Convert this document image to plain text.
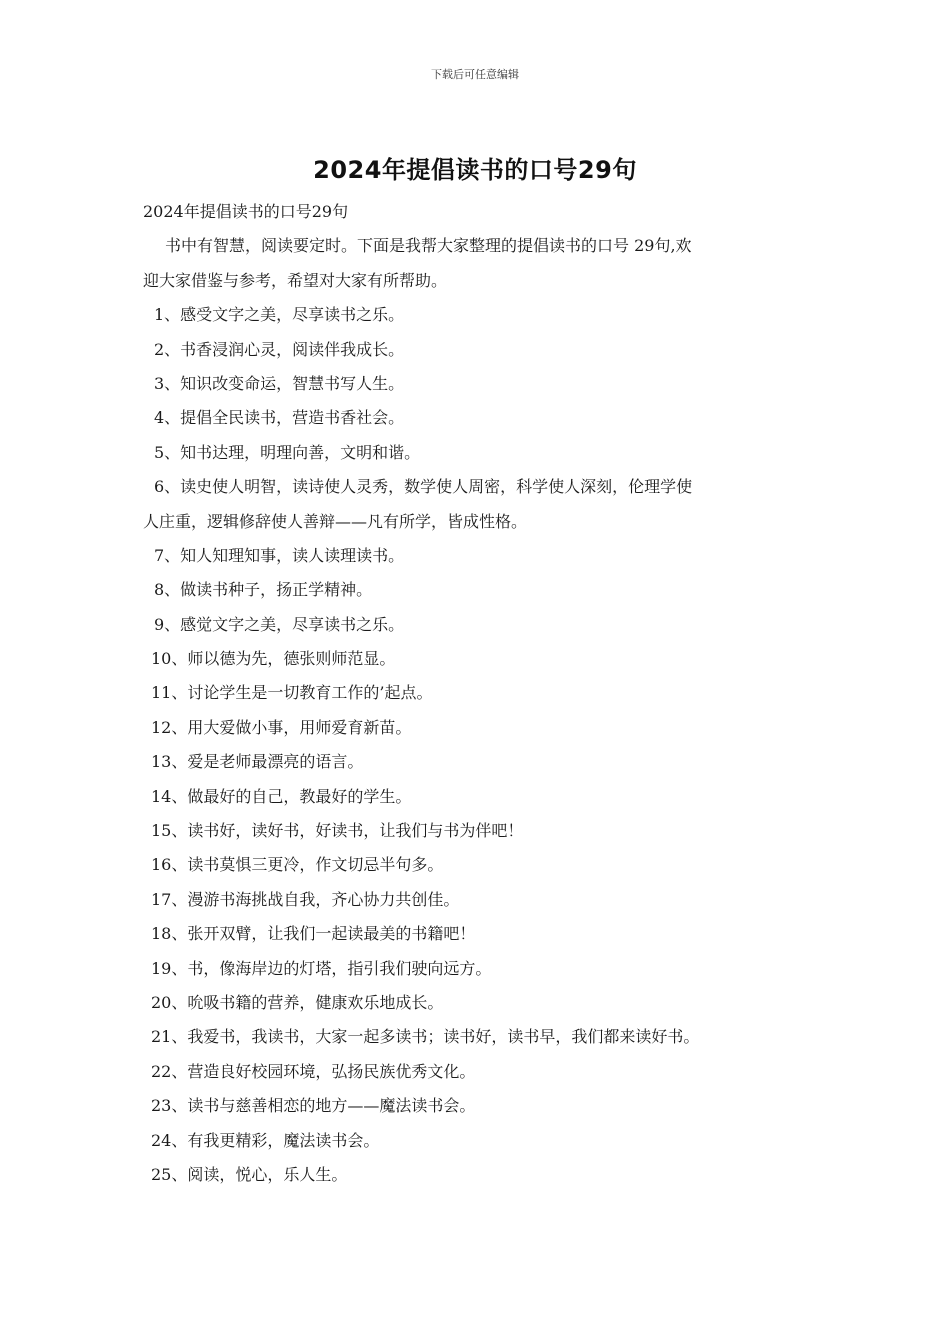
下载后可任意编辑
2024年提倡读书的口号29句
2024年提倡读书的口号29句
书中有智慧，阅读要定时。下面是我帮大家整理的提倡读书的口号 29句,欢
迎大家借鉴与参考，希望对大家有所帮助。
1、感受文字之美，尽享读书之乐。
2、书香浸润心灵，阅读伴我成长。
3、知识改变命运，智慧书写人生。
4、提倡全民读书，营造书香社会。
5、知书达理，明理向善，文明和谐。
6、读史使人明智，读诗使人灵秀，数学使人周密，科学使人深刻，伦理学使
人庄重，逻辑修辞使人善辩——凡有所学，皆成性格。
7、知人知理知事，读人读理读书。
8、做读书种子，扬正学精神。
9、感觉文字之美，尽享读书之乐。
10、师以德为先，德张则师范显。
11、讨论学生是一切教育工作的’起点。
12、用大爱做小事，用师爱育新苗。
13、爱是老师最漂亮的语言。
14、做最好的自己，教最好的学生。
15、读书好，读好书，好读书，让我们与书为伴吧！
16、读书莫惧三更冷，作文切忌半句多。
17、漫游书海挑战自我，齐心协力共创佳。
18、张开双臂，让我们一起读最美的书籍吧！
19、书，像海岸边的灯塔，指引我们驶向远方。
20、吮吸书籍的营养，健康欢乐地成长。
21、我爱书，我读书，大家一起多读书；读书好，读书早，我们都来读好书。
22、营造良好校园环境，弘扬民族优秀文化。
23、读书与慈善相恋的地方——魔法读书会。
24、有我更精彩，魔法读书会。
25、阅读，悦心，乐人生。
